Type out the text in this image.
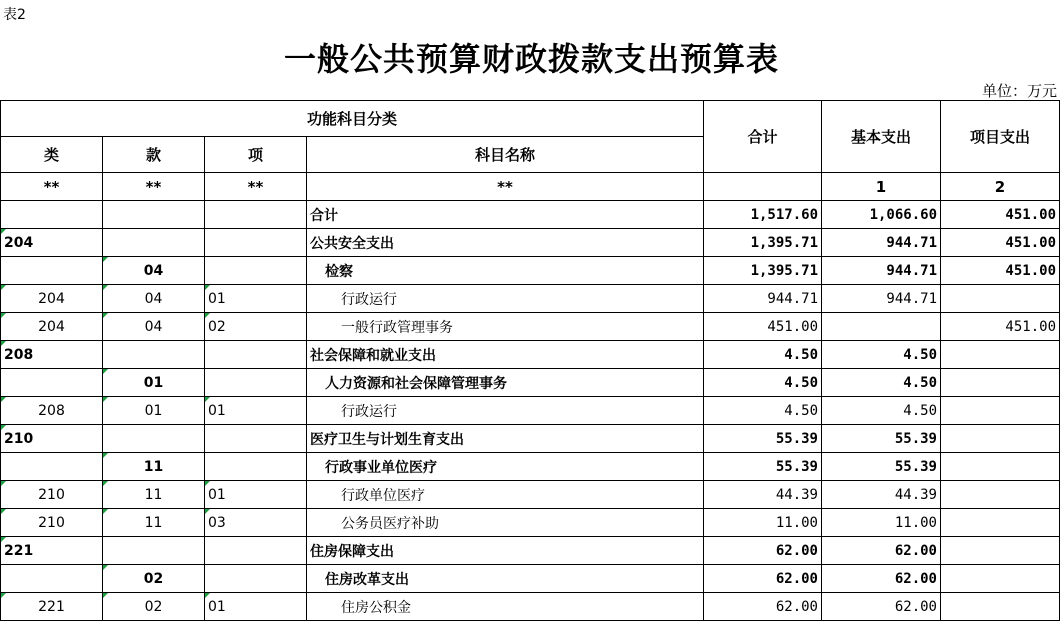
表2
一般公共预算财政拨款支出预算表
单位：万元
功能科目分类				合计	基本支出	项目支出
类	款	项	科目名称			
**	**	**	**		1	2
			合计	1,517.60	1,066.60	451.00
204			公共安全支出	1,395.71	944.71	451.00
	04		检察	1,395.71	944.71	451.00
204	04	01	行政运行	944.71	944.71	
204	04	02	一般行政管理事务	451.00		451.00
208			社会保障和就业支出	4.50	4.50	
	01		人力资源和社会保障管理事务	4.50	4.50	
208	01	01	行政运行	4.50	4.50	
210			医疗卫生与计划生育支出	55.39	55.39	
	11		行政事业单位医疗	55.39	55.39	
210	11	01	行政单位医疗	44.39	44.39	
210	11	03	公务员医疗补助	11.00	11.00	
221			住房保障支出	62.00	62.00	
	02		住房改革支出	62.00	62.00	
221	02	01	住房公积金	62.00	62.00	
